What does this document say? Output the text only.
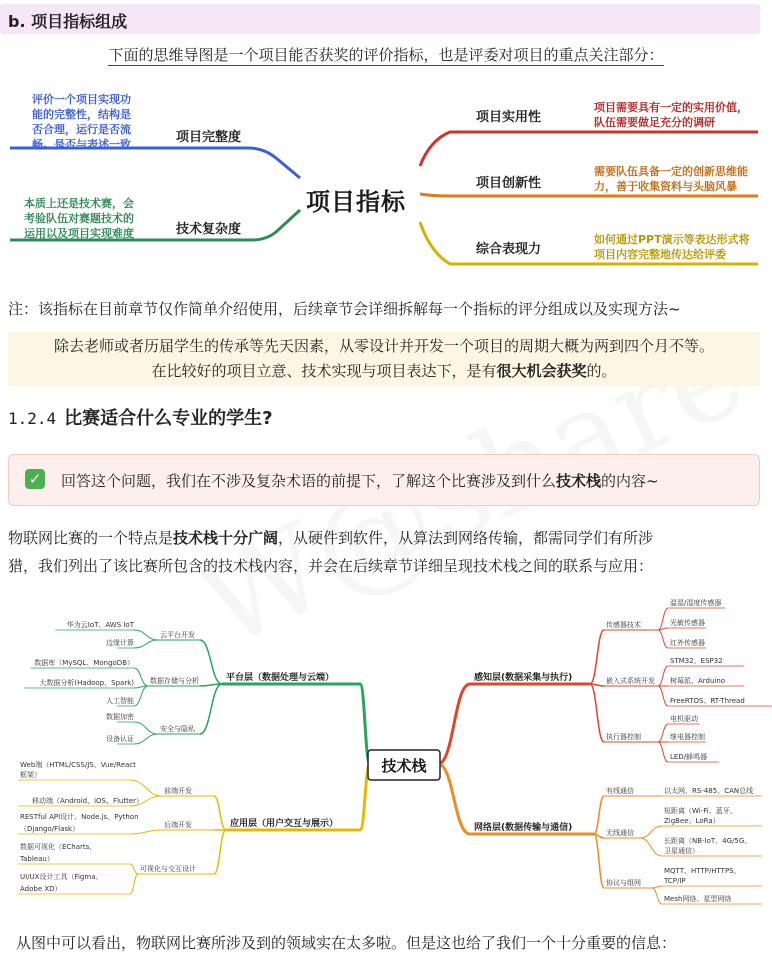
b. 项目指标组成
下面的思维导图是一个项目能否获奖的评价指标，也是评委对项目的重点关注部分：
评价一个项目实现功
能的完整性，结构是
否合理，运行是否流
畅。是否与表述一致	项目完整度
本质上还是技术赛，会
考验队伍对赛题技术的
运用以及项目实现难度	技术复杂度
项目指标
项目实用性
项目需要具有一定的实用价值，
队伍需要做足充分的调研
项目创新性
需要队伍具备一定的创新思维能
力，善于收集资料与头脑风暴
综合表现力
如何通过PPT演示等表达形式将
项目内容完整地传达给评委
注：该指标在目前章节仅作简单介绍使用，后续章节会详细拆解每一个指标的评分组成以及实现方法~
除去老师或者历届学生的传承等先天因素，从零设计并开发一个项目的周期大概为两到四个月不等。
在比较好的项目立意、技术实现与项目表达下，是有很大机会获奖的。
1.2.4 比赛适合什么专业的学生?
✓ 回答这个问题，我们在不涉及复杂术语的前提下，了解这个比赛涉及到什么技术栈的内容~
物联网比赛的一个特点是技术栈十分广阔，从硬件到软件，从算法到网络传输，都需同学们有所涉
猎，我们列出了该比赛所包含的技术栈内容，并会在后续章节详细呈现技术栈之间的联系与应用：
平台层（数据处理与云端）
应用层（用户交互与展示）
感知层(数据采集与执行)
网络层(数据传输与通信)
技术栈
云平台开发
华为云IoT、AWS IoT
边缘计算
数据存储与分析
数据库（MySQL、MongoDB）
大数据分析(Hadoop、Spark)
人工智能
安全与隐私
数据加密
设备认证
前端开发
Web端（HTML/CSS/JS、Vue/React
框架）
移动端（Android、iOS、Flutter）
后端开发
RESTful API设计、Node.js、Python
（Django/Flask）
可视化与交互设计
数据可视化（ECharts、
Tableau）
UI/UX设计工具（Figma、
Adobe XD）
传感器技术
温湿/湿度传感器
光敏传感器
红外传感器
嵌入式系统开发
STM32、ESP32
树莓派、Arduino
FreeRTOS、RT-Thread
执行器控制
电机驱动
继电器控制
LED/蜂鸣器
有线通信	以太网、RS-485、CAN总线
无线通信
短距离（Wi-Fi、蓝牙、
ZigBee、LoRa）
长距离（NB-IoT、4G/5G、
卫星通信）
协议与组网
MQTT、HTTP/HTTPS、
TCP/IP
Mesh网络、星型网络
从图中可以看出，物联网比赛所涉及到的领域实在太多啦。但是这也给了我们一个十分重要的信息：
